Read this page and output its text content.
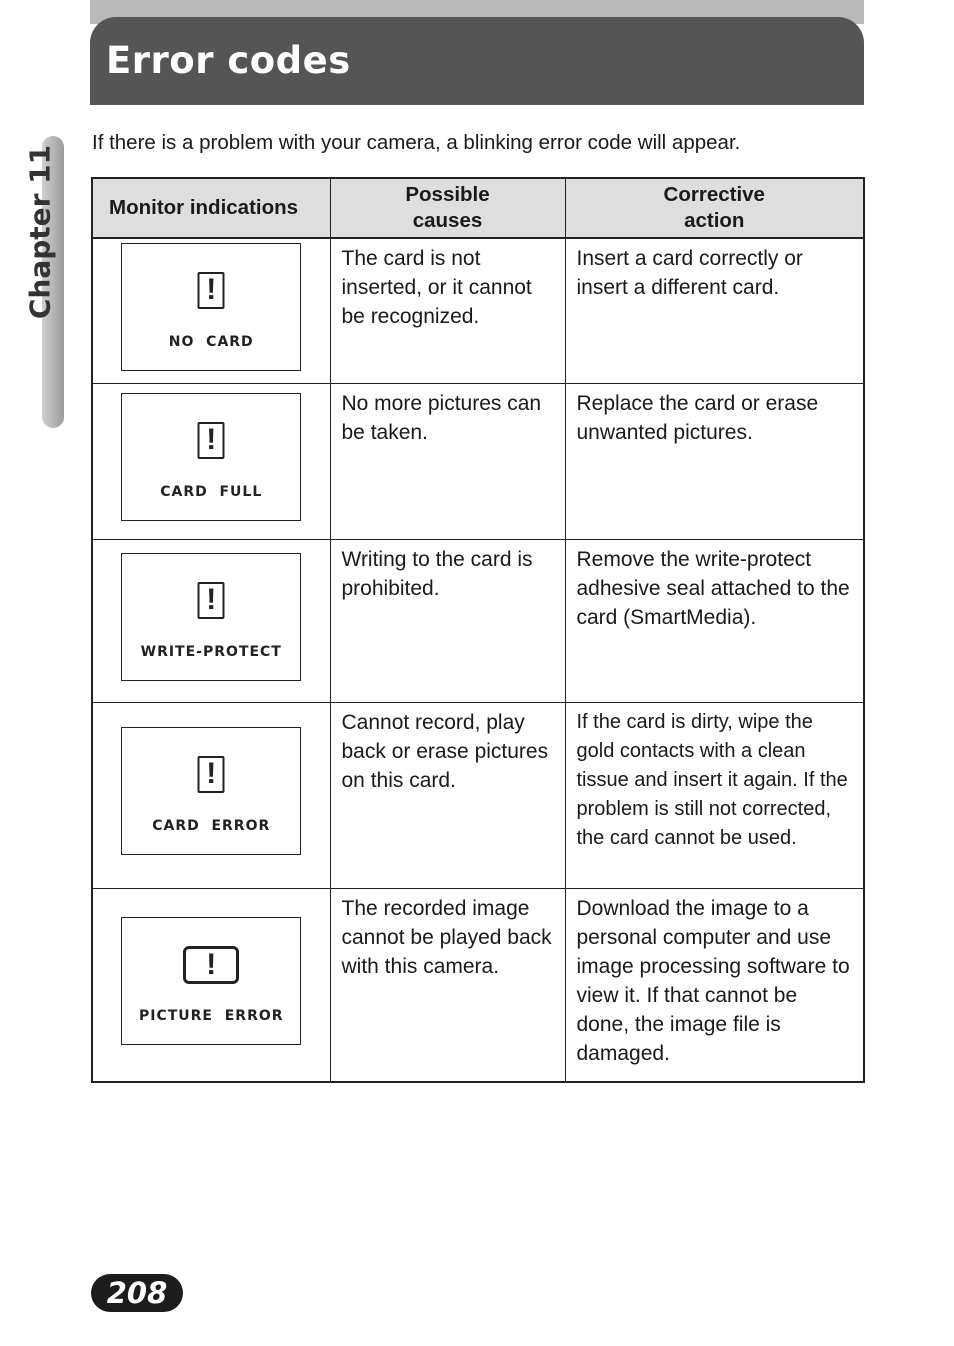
Error codes
Chapter 11

If there is a problem with your camera, a blinking error code will appear.

Monitor indications	Possible causes	Corrective action

!
NO  CARD	The card is not inserted, or it cannot be recognized.	Insert a card correctly or insert a different card.

!
CARD  FULL	No more pictures can be taken.	Replace the card or erase unwanted pictures.

!
WRITE-PROTECT	Writing to the card is prohibited.	Remove the write-protect adhesive seal attached to the card (SmartMedia).

!
CARD  ERROR	Cannot record, play back or erase pictures on this card.	If the card is dirty, wipe the gold contacts with a clean tissue and insert it again. If the problem is still not corrected, the card cannot be used.

!
PICTURE  ERROR	The recorded image cannot be played back with this camera.	Download the image to a personal computer and use image processing software to view it. If that cannot be done, the image file is damaged.
208
